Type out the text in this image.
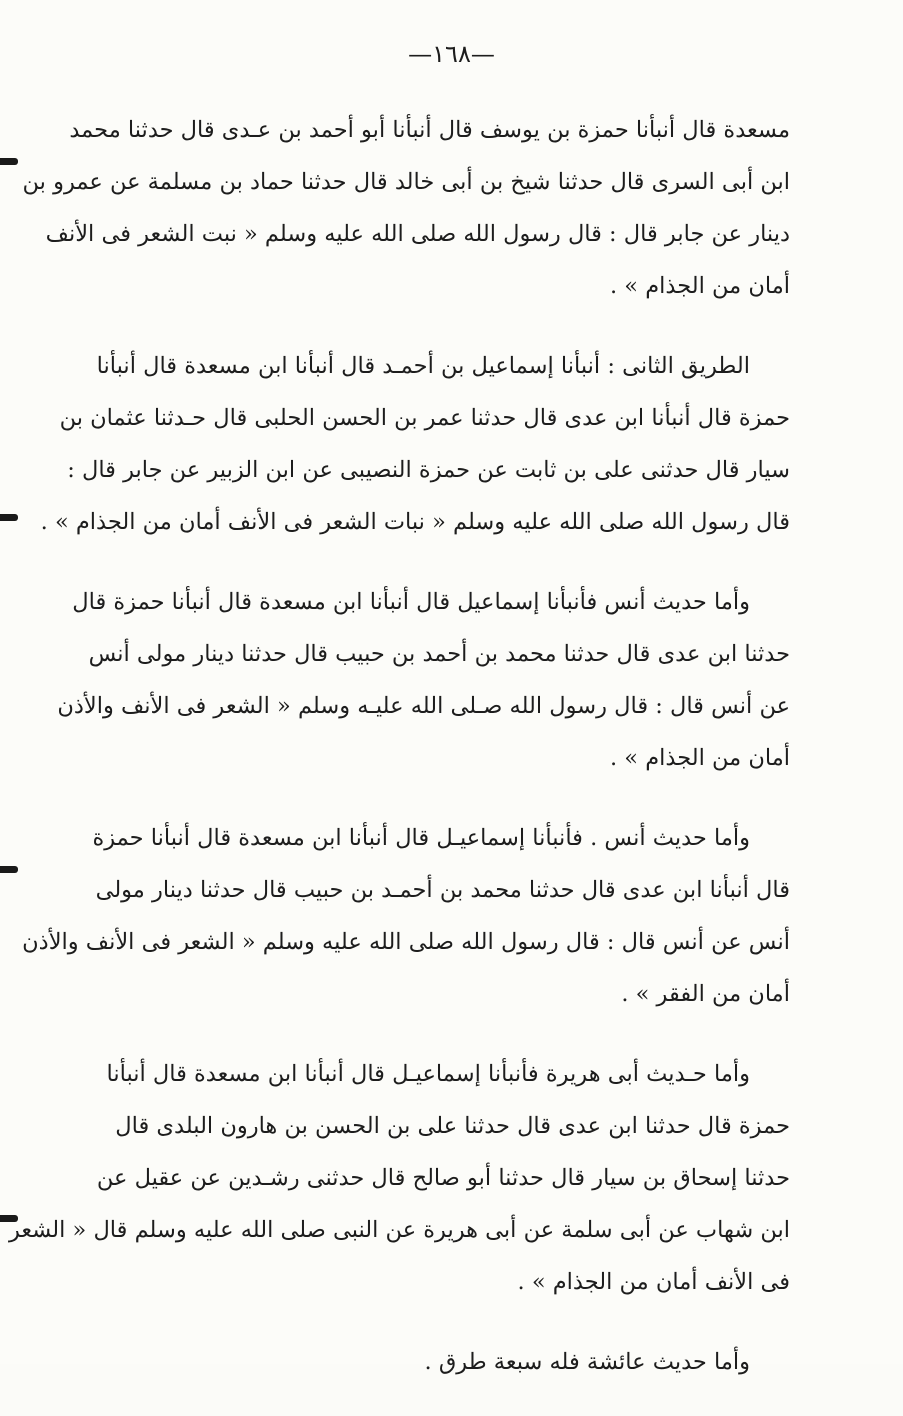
—١٦٨—

مسعدة قال أنبأنا حمزة بن يوسف قال أنبأنا أبو أحمد بن عـدى قال حدثنا محمد
ابن أبى السرى قال حدثنا شيخ بن أبى خالد قال حدثنا حماد بن مسلمة عن عمرو بن
دينار عن جابر قال : قال رسول الله صلى الله عليه وسلم « نبت الشعر فى الأنف
أمان من الجذام » .

الطريق الثانى : أنبأنا إسماعيل بن أحمـد قال أنبأنا ابن مسعدة قال أنبأنا
حمزة قال أنبأنا ابن عدى قال حدثنا عمر بن الحسن الحلبى قال حـدثنا عثمان بن
سيار قال حدثنى على بن ثابت عن حمزة النصيبى عن ابن الزبير عن جابر قال :
قال رسول الله صلى الله عليه وسلم « نبات الشعر فى الأنف أمان من الجذام » .

وأما حديث أنس فأنبأنا إسماعيل قال أنبأنا ابن مسعدة قال أنبأنا حمزة قال
حدثنا ابن عدى قال حدثنا محمد بن أحمد بن حبيب قال حدثنا دينار مولى أنس
عن أنس قال : قال رسول الله صـلى الله عليـه وسلم « الشعر فى الأنف والأذن
أمان من الجذام » .

وأما حديث أنس . فأنبأنا إسماعيـل قال أنبأنا ابن مسعدة قال أنبأنا حمزة
قال أنبأنا ابن عدى قال حدثنا محمد بن أحمـد بن حبيب قال حدثنا دينار مولى
أنس عن أنس قال : قال رسول الله صلى الله عليه وسلم « الشعر فى الأنف والأذن
أمان من الفقر » .

وأما حـديث أبى هريرة فأنبأنا إسماعيـل قال أنبأنا ابن مسعدة قال أنبأنا
حمزة قال حدثنا ابن عدى قال حدثنا على بن الحسن بن هارون البلدى قال
حدثنا إسحاق بن سيار قال حدثنا أبو صالح قال حدثنى رشـدين عن عقيل عن
ابن شهاب عن أبى سلمة عن أبى هريرة عن النبى صلى الله عليه وسلم قال « الشعر
فى الأنف أمان من الجذام » .

وأما حديث عائشة فله سبعة طرق .
